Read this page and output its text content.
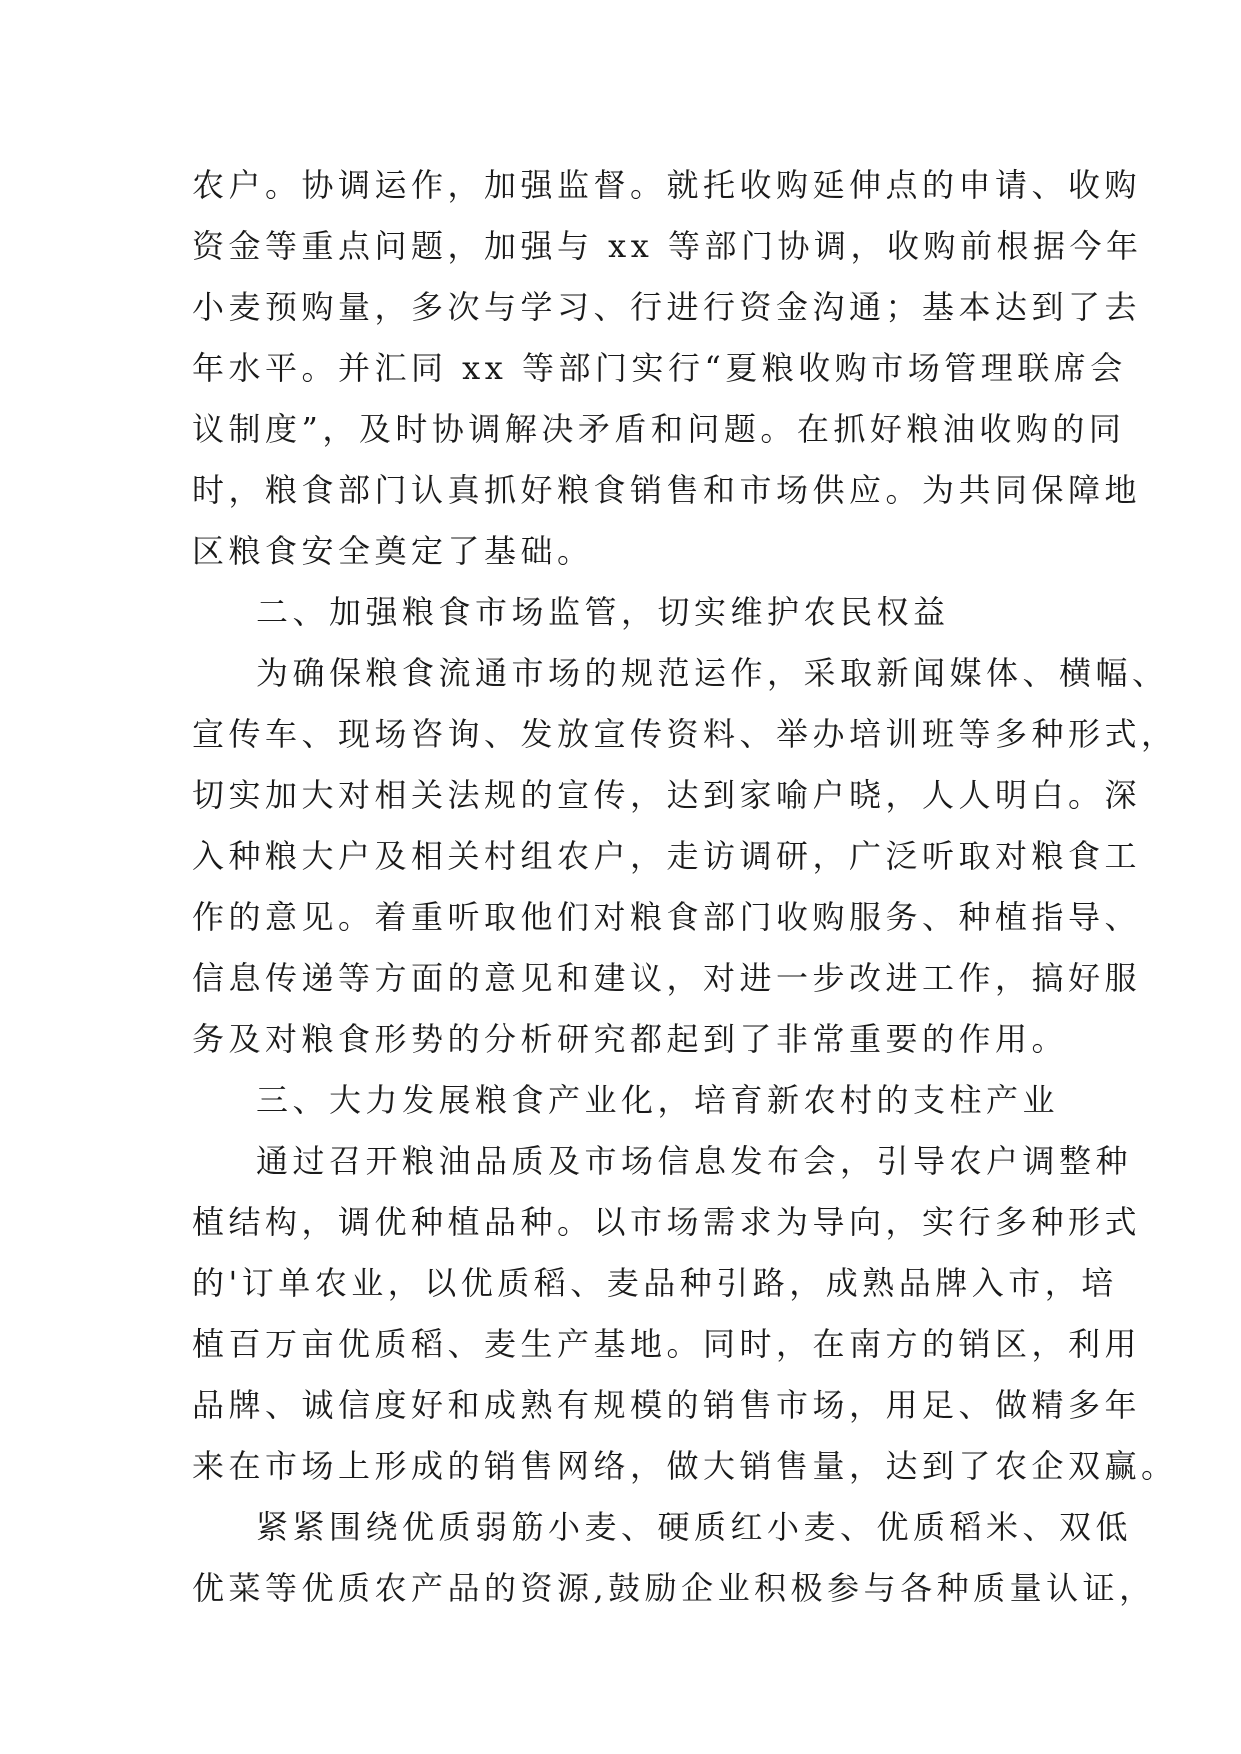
农户。协调运作，加强监督。就托收购延伸点的申请、收购
资金等重点问题，加强与 xx 等部门协调，收购前根据今年
小麦预购量，多次与学习、行进行资金沟通；基本达到了去
年水平。并汇同 xx 等部门实行“夏粮收购市场管理联席会
议制度”，及时协调解决矛盾和问题。在抓好粮油收购的同
时，粮食部门认真抓好粮食销售和市场供应。为共同保障地
区粮食安全奠定了基础。
二、加强粮食市场监管，切实维护农民权益
为确保粮食流通市场的规范运作，采取新闻媒体、横幅、
宣传车、现场咨询、发放宣传资料、举办培训班等多种形式，
切实加大对相关法规的宣传，达到家喻户晓，人人明白。深
入种粮大户及相关村组农户，走访调研，广泛听取对粮食工
作的意见。着重听取他们对粮食部门收购服务、种植指导、
信息传递等方面的意见和建议，对进一步改进工作，搞好服
务及对粮食形势的分析研究都起到了非常重要的作用。
三、大力发展粮食产业化，培育新农村的支柱产业
通过召开粮油品质及市场信息发布会，引导农户调整种
植结构，调优种植品种。以市场需求为导向，实行多种形式
的'订单农业，以优质稻、麦品种引路，成熟品牌入市，培
植百万亩优质稻、麦生产基地。同时，在南方的销区，利用
品牌、诚信度好和成熟有规模的销售市场，用足、做精多年
来在市场上形成的销售网络，做大销售量，达到了农企双赢。
紧紧围绕优质弱筋小麦、硬质红小麦、优质稻米、双低
优菜等优质农产品的资源,鼓励企业积极参与各种质量认证，
